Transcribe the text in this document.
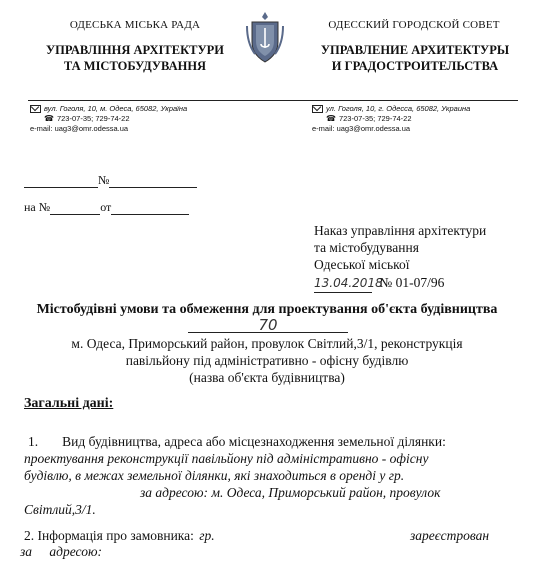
ОДЕСЬКА МІСЬКА РАДА
УПРАВЛІННЯ АРХІТЕКТУРИ
ТА МІСТОБУДУВАННЯ
ОДЕССКИЙ ГОРОДСКОЙ СОВЕТ
УПРАВЛЕНИЕ АРХИТЕКТУРЫ
И ГРАДОСТРОИТЕЛЬСТВА
вул. Гоголя, 10, м. Одеса, 65082, Україна
☎ 723-07-35; 729-74-22
e-mail: uag3@omr.odessa.ua
ул. Гоголя, 10, г. Одесса, 65082, Украина
☎ 723-07-35; 729-74-22
e-mail: uag3@omr.odessa.ua
№
на №	от
Наказ управління архітектури
та містобудування
Одеської міської
13.04.2018 № 01-07/96
Містобудівні умови та обмеження для проектування об'єкта будівництва
70
м. Одеса, Приморський район, провулок Світлий,3/1, реконструкція
павільйону під адміністративно - офісну будівлю
(назва об'єкта будівництва)
Загальні дані:
1. Вид будівництва, адреса або місцезнаходження земельної ділянки:
проектування реконструкції павільйону під адміністративно - офісну
будівлю, в межах земельної ділянки, які знаходиться в оренді у гр.
за адресою: м. Одеса, Приморський район, провулок
Світлий,3/1.
2. Інформація про замовника: гр.	зареєстрован
за адресою:
